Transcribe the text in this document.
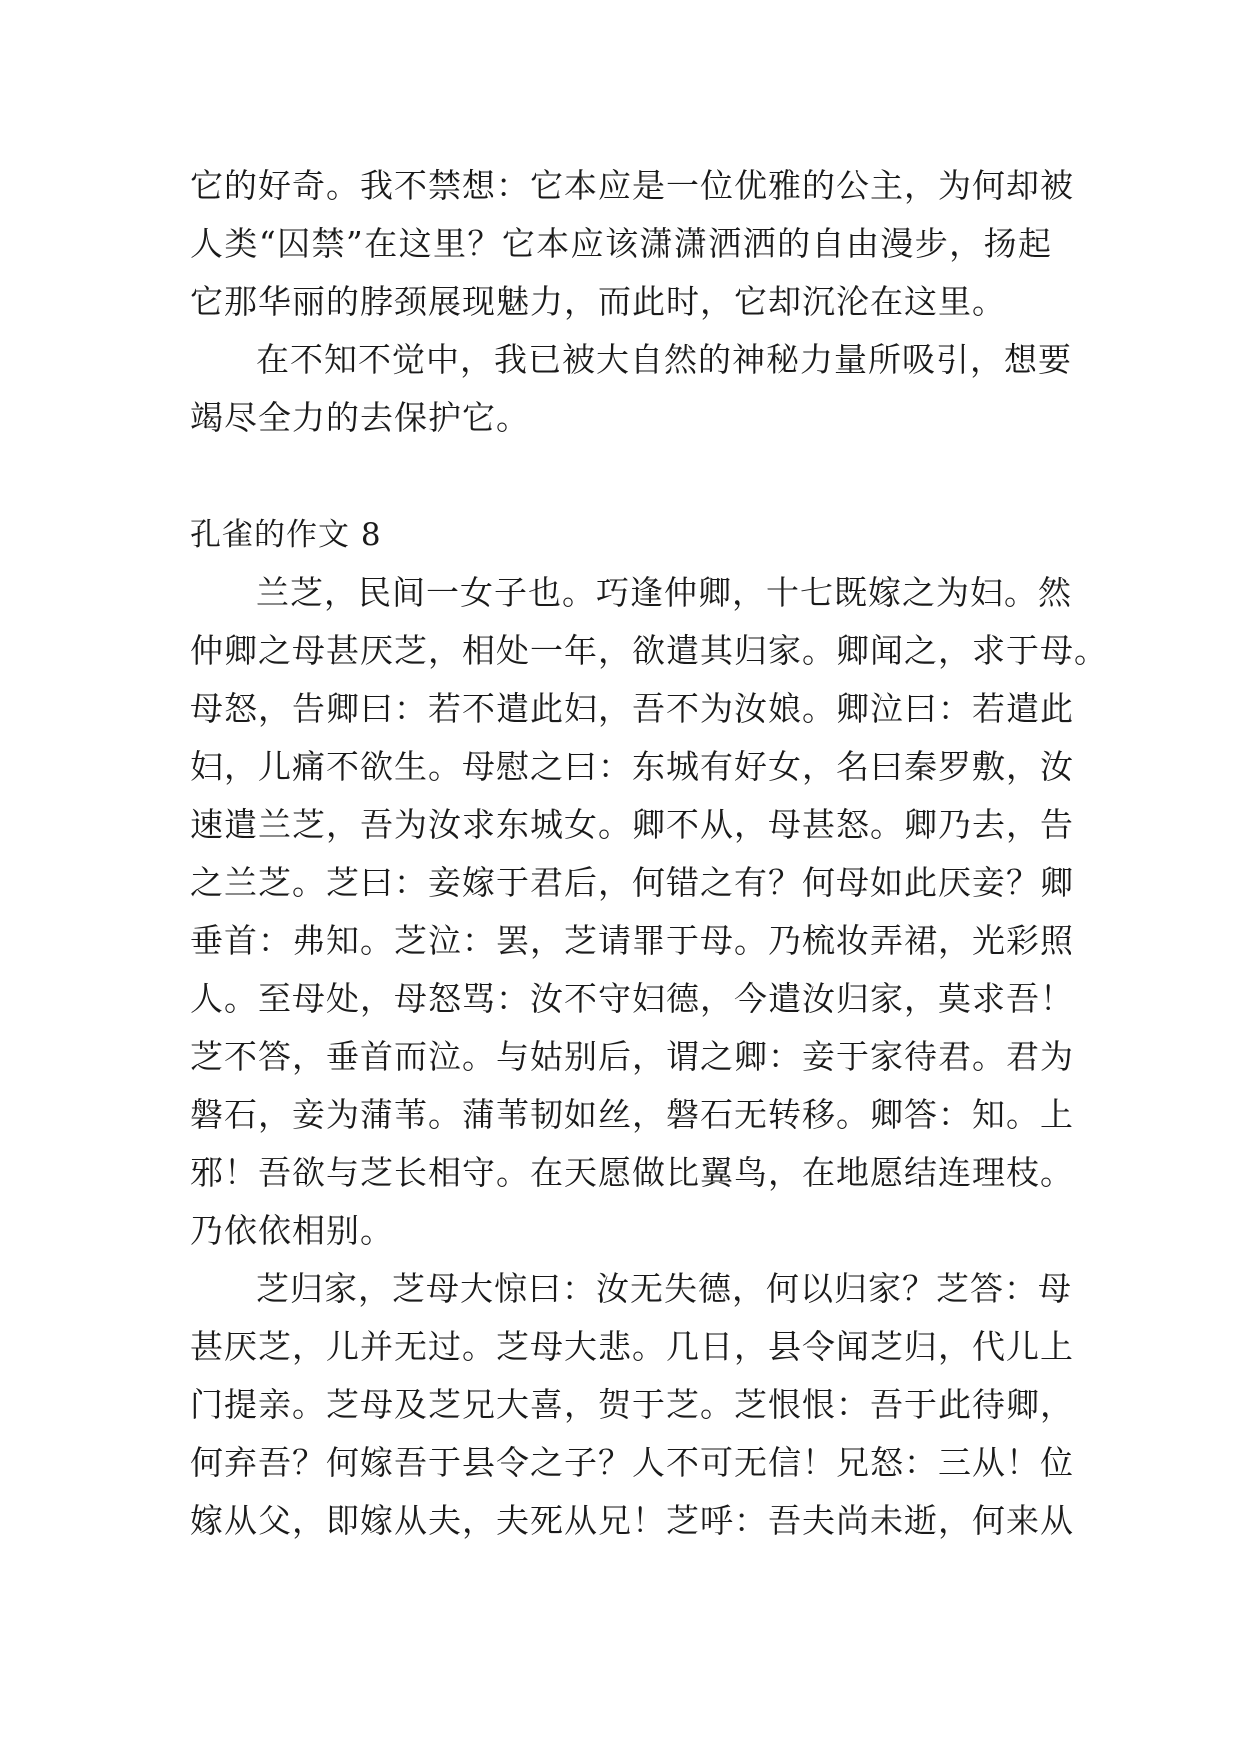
它的好奇。我不禁想：它本应是一位优雅的公主，为何却被
人类“囚禁”在这里？它本应该潇潇洒洒的自由漫步，扬起
它那华丽的脖颈展现魅力，而此时，它却沉沦在这里。
在不知不觉中，我已被大自然的神秘力量所吸引，想要
竭尽全力的去保护它。
孔雀的作文 8
兰芝，民间一女子也。巧逢仲卿，十七既嫁之为妇。然
仲卿之母甚厌芝，相处一年，欲遣其归家。卿闻之，求于母。
母怒，告卿曰：若不遣此妇，吾不为汝娘。卿泣曰：若遣此
妇，儿痛不欲生。母慰之曰：东城有好女，名曰秦罗敷，汝
速遣兰芝，吾为汝求东城女。卿不从，母甚怒。卿乃去，告
之兰芝。芝曰：妾嫁于君后，何错之有？何母如此厌妾？卿
垂首：弗知。芝泣：罢，芝请罪于母。乃梳妆弄裙，光彩照
人。至母处，母怒骂：汝不守妇德，今遣汝归家，莫求吾！
芝不答，垂首而泣。与姑别后，谓之卿：妾于家待君。君为
磐石，妾为蒲苇。蒲苇韧如丝，磐石无转移。卿答：知。上
邪！吾欲与芝长相守。在天愿做比翼鸟，在地愿结连理枝。
乃依依相别。
芝归家，芝母大惊曰：汝无失德，何以归家？芝答：母
甚厌芝，儿并无过。芝母大悲。几日，县令闻芝归，代儿上
门提亲。芝母及芝兄大喜，贺于芝。芝恨恨：吾于此待卿，
何弃吾？何嫁吾于县令之子？人不可无信！兄怒：三从！位
嫁从父，即嫁从夫，夫死从兄！芝呼：吾夫尚未逝，何来从
